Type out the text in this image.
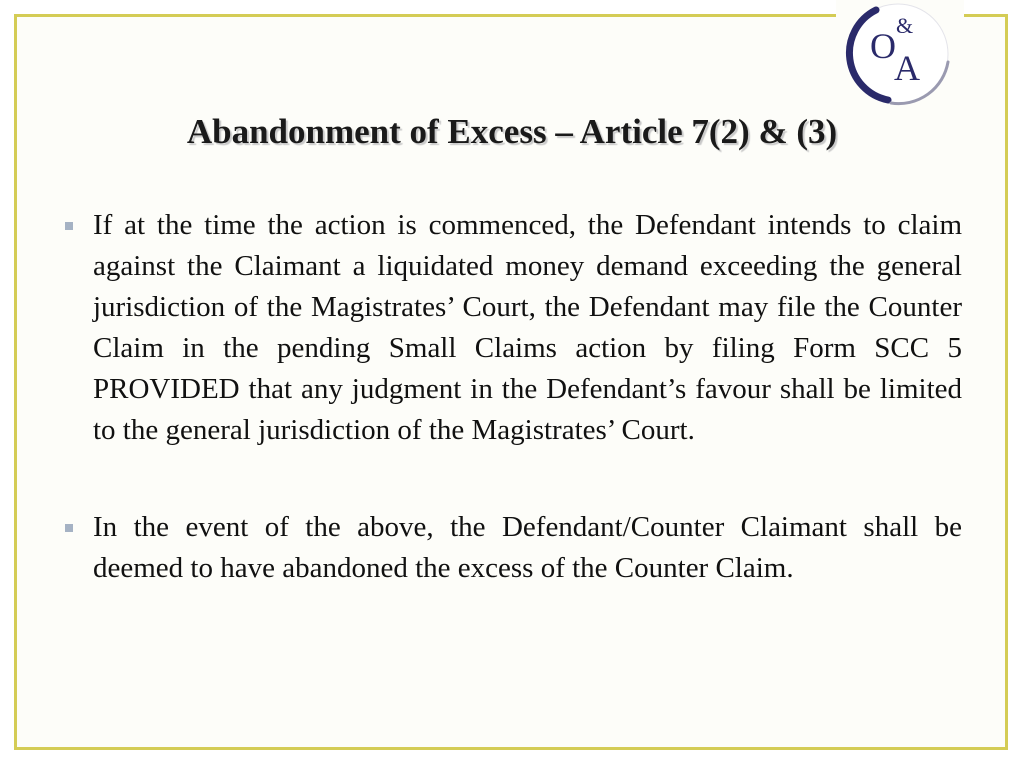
O
&
A
Abandonment of Excess – Article 7(2) & (3)

If at the time the action is commenced, the Defendant intends to claim against the Claimant a liquidated money demand exceeding the general jurisdiction of the Magistrates’ Court, the Defendant may file the Counter Claim in the pending Small Claims action by filing Form SCC 5 PROVIDED that any judgment in the Defendant’s favour shall be limited to the general jurisdiction of the Magistrates’ Court.

In the event of the above, the Defendant/Counter Claimant shall be deemed to have abandoned the excess of the Counter Claim.
